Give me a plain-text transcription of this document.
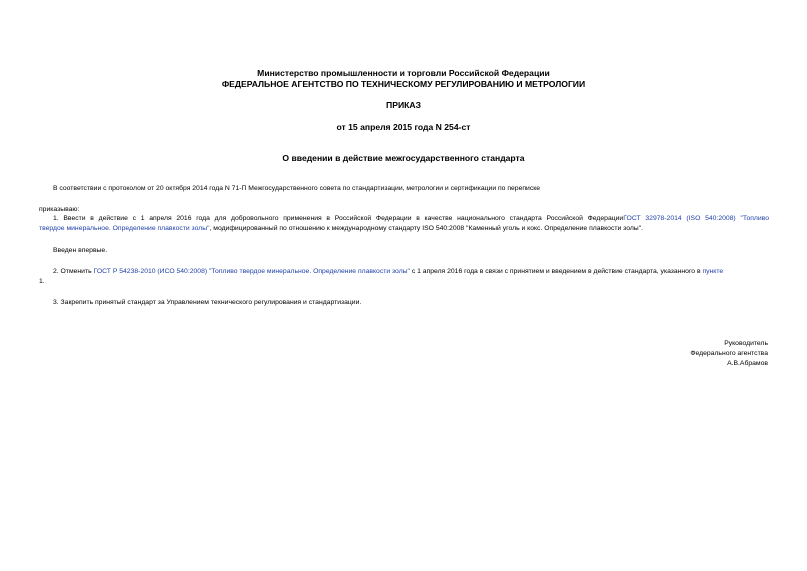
Министерство промышленности и торговли Российской Федерации
ФЕДЕРАЛЬНОЕ АГЕНТСТВО ПО ТЕХНИЧЕСКОМУ РЕГУЛИРОВАНИЮ И МЕТРОЛОГИИ
ПРИКАЗ
от 15 апреля 2015 года N 254-ст
О введении в действие межгосударственного стандарта
В соответствии с протоколом от 20 октября 2014 года N 71-П Межгосударственного совета по стандартизации, метрологии и сертификации по переписке
приказываю:
1. Ввести в действие с 1 апреля 2016 года для добровольного применения в Российской Федерации в качестве национального стандарта Российской ФедерацииГОСТ 32978-2014 (ISO 540:2008) "Топливо
твердое минеральное. Определение плавкости золы", модифицированный по отношению к международному стандарту ISO 540:2008 "Каменный уголь и кокс. Определение плавкости золы".
Введен впервые.
2. Отменить ГОСТ Р 54238-2010 (ИСО 540:2008) "Топливо твердое минеральное. Определение плавкости золы" с 1 апреля 2016 года в связи с принятием и введением в действие стандарта, указанного в пункте
1.
3. Закрепить принятый стандарт за Управлением технического регулирования и стандартизации.
Руководитель
Федерального агентства
А.В.Абрамов
